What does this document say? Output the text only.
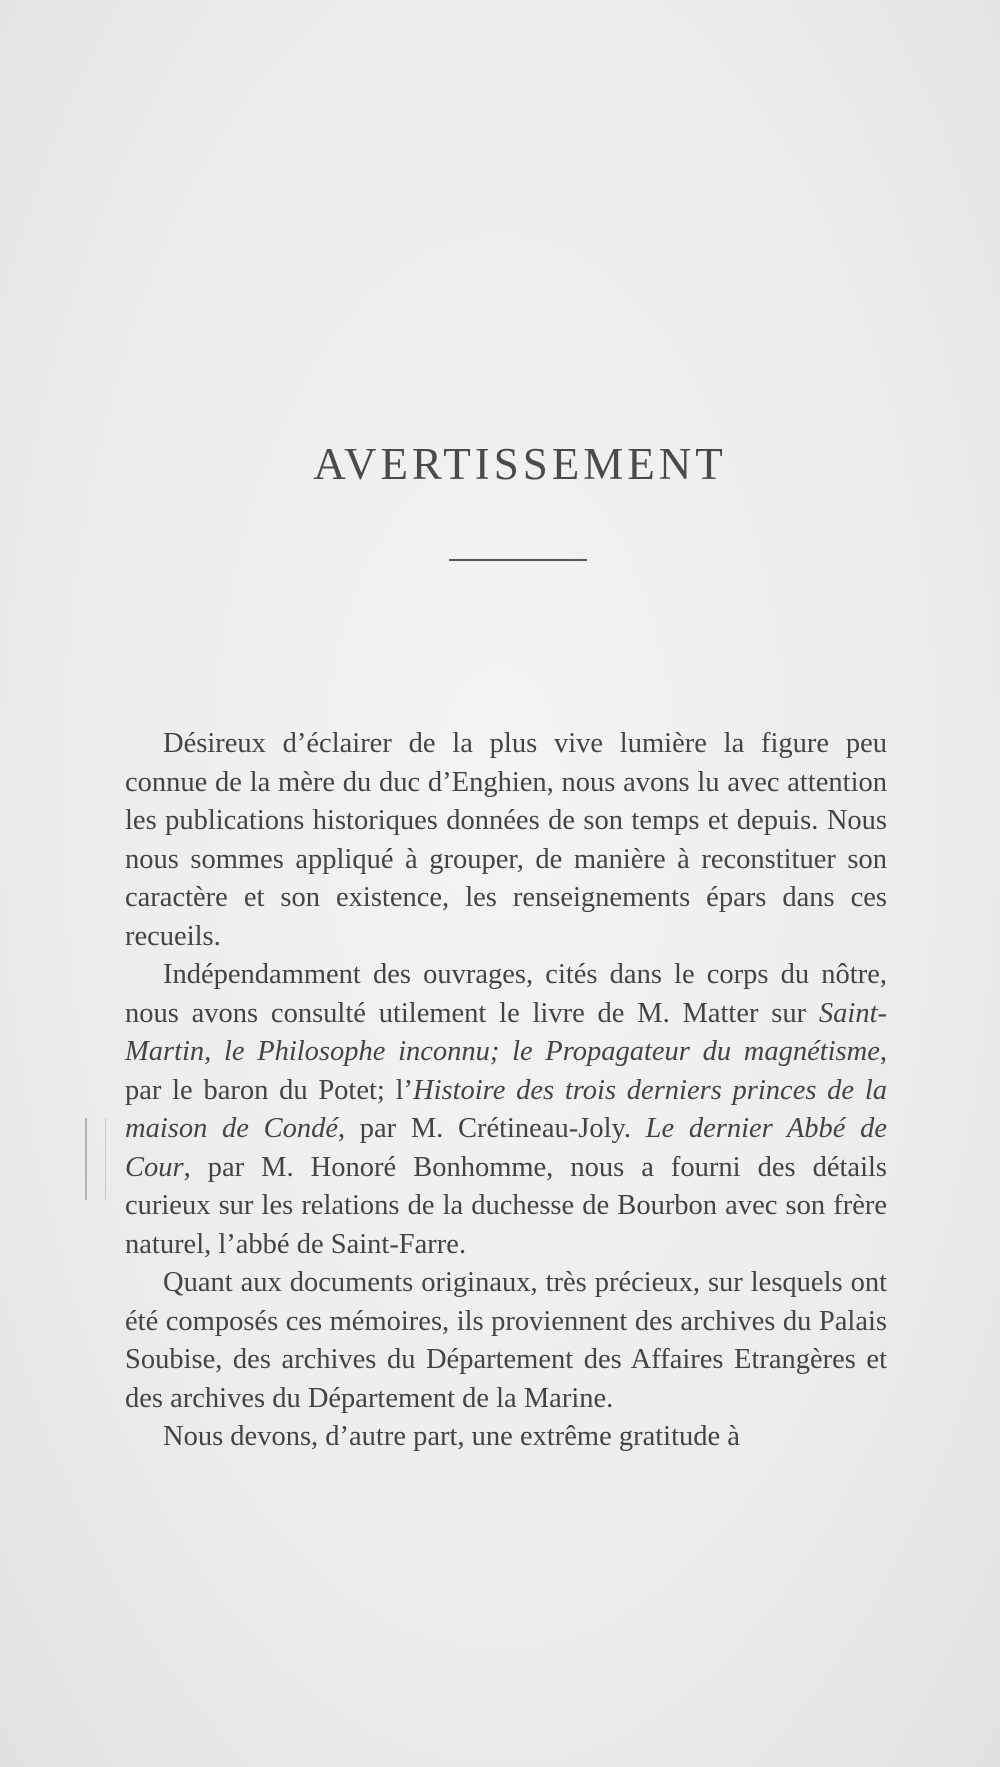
AVERTISSEMENT

Désireux d’éclairer de la plus vive lumière la figure peu connue de la mère du duc d’Enghien, nous avons lu avec attention les publications historiques données de son temps et depuis. Nous nous sommes appliqué à grouper, de manière à reconstituer son caractère et son existence, les renseignements épars dans ces recueils.

Indépendamment des ouvrages, cités dans le corps du nôtre, nous avons consulté utilement le livre de M. Matter sur Saint-Martin, le Philosophe inconnu; le Propagateur du magnétisme, par le baron du Potet; l’Histoire des trois derniers princes de la maison de Condé, par M. Crétineau-Joly. Le dernier Abbé de Cour, par M. Honoré Bonhomme, nous a fourni des détails curieux sur les relations de la duchesse de Bourbon avec son frère naturel, l’abbé de Saint-Farre.

Quant aux documents originaux, très précieux, sur lesquels ont été composés ces mémoires, ils proviennent des archives du Palais Soubise, des archives du Département des Affaires Etrangères et des archives du Département de la Marine.

Nous devons, d’autre part, une extrême gratitude à
